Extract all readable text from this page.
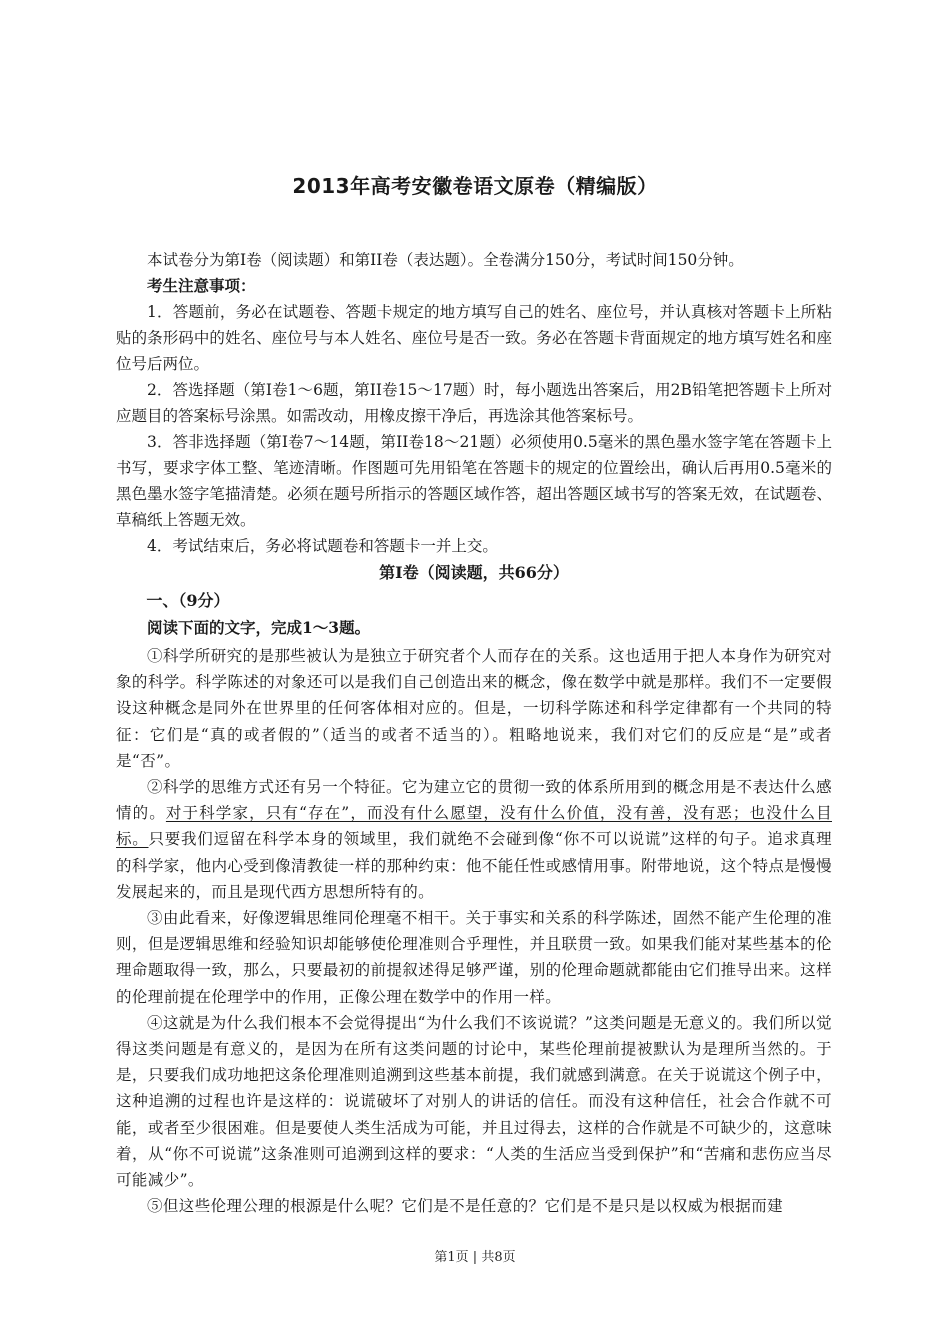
2013年高考安徽卷语文原卷（精编版）

本试卷分为第I卷（阅读题）和第II卷（表达题）。全卷满分150分，考试时间150分钟。

考生注意事项：

1．答题前，务必在试题卷、答题卡规定的地方填写自己的姓名、座位号，并认真核对答题卡上所粘贴的条形码中的姓名、座位号与本人姓名、座位号是否一致。务必在答题卡背面规定的地方填写姓名和座位号后两位。

2．答选择题（第I卷1～6题，第II卷15～17题）时，每小题选出答案后，用2B铅笔把答题卡上所对应题目的答案标号涂黑。如需改动，用橡皮擦干净后，再选涂其他答案标号。

3．答非选择题（第I卷7～14题，第II卷18～21题）必须使用0.5毫米的黑色墨水签字笔在答题卡上书写，要求字体工整、笔迹清晰。作图题可先用铅笔在答题卡的规定的位置绘出，确认后再用0.5毫米的黑色墨水签字笔描清楚。必须在题号所指示的答题区域作答，超出答题区域书写的答案无效，在试题卷、草稿纸上答题无效。

4．考试结束后，务必将试题卷和答题卡一并上交。

第I卷（阅读题，共66分）
一、（9分）

阅读下面的文字，完成1～3题。

①科学所研究的是那些被认为是独立于研究者个人而存在的关系。这也适用于把人本身作为研究对象的科学。科学陈述的对象还可以是我们自己创造出来的概念，像在数学中就是那样。我们不一定要假设这种概念是同外在世界里的任何客体相对应的。但是，一切科学陈述和科学定律都有一个共同的特征：它们是“真的或者假的”（适当的或者不适当的）。粗略地说来，我们对它们的反应是“是”或者是“否”。

②科学的思维方式还有另一个特征。它为建立它的贯彻一致的体系所用到的概念用是不表达什么感情的。对于科学家，只有“存在”，而没有什么愿望，没有什么价值，没有善，没有恶；也没什么目标。只要我们逗留在科学本身的领域里，我们就绝不会碰到像“你不可以说谎”这样的句子。追求真理的科学家，他内心受到像清教徒一样的那种约束：他不能任性或感情用事。附带地说，这个特点是慢慢发展起来的，而且是现代西方思想所特有的。

③由此看来，好像逻辑思维同伦理毫不相干。关于事实和关系的科学陈述，固然不能产生伦理的准则，但是逻辑思维和经验知识却能够使伦理准则合乎理性，并且联贯一致。如果我们能对某些基本的伦理命题取得一致，那么，只要最初的前提叙述得足够严谨，别的伦理命题就都能由它们推导出来。这样的伦理前提在伦理学中的作用，正像公理在数学中的作用一样。

④这就是为什么我们根本不会觉得提出“为什么我们不该说谎？”这类问题是无意义的。我们所以觉得这类问题是有意义的，是因为在所有这类问题的讨论中，某些伦理前提被默认为是理所当然的。于是，只要我们成功地把这条伦理准则追溯到这些基本前提，我们就感到满意。在关于说谎这个例子中，这种追溯的过程也许是这样的：说谎破坏了对别人的讲话的信任。而没有这种信任，社会合作就不可能，或者至少很困难。但是要使人类生活成为可能，并且过得去，这样的合作就是不可缺少的，这意味着，从“你不可说谎”这条准则可追溯到这样的要求：“人类的生活应当受到保护”和“苦痛和悲伤应当尽可能减少”。

⑤但这些伦理公理的根源是什么呢？它们是不是任意的？它们是不是只是以权威为根据而建

第1页 | 共8页
